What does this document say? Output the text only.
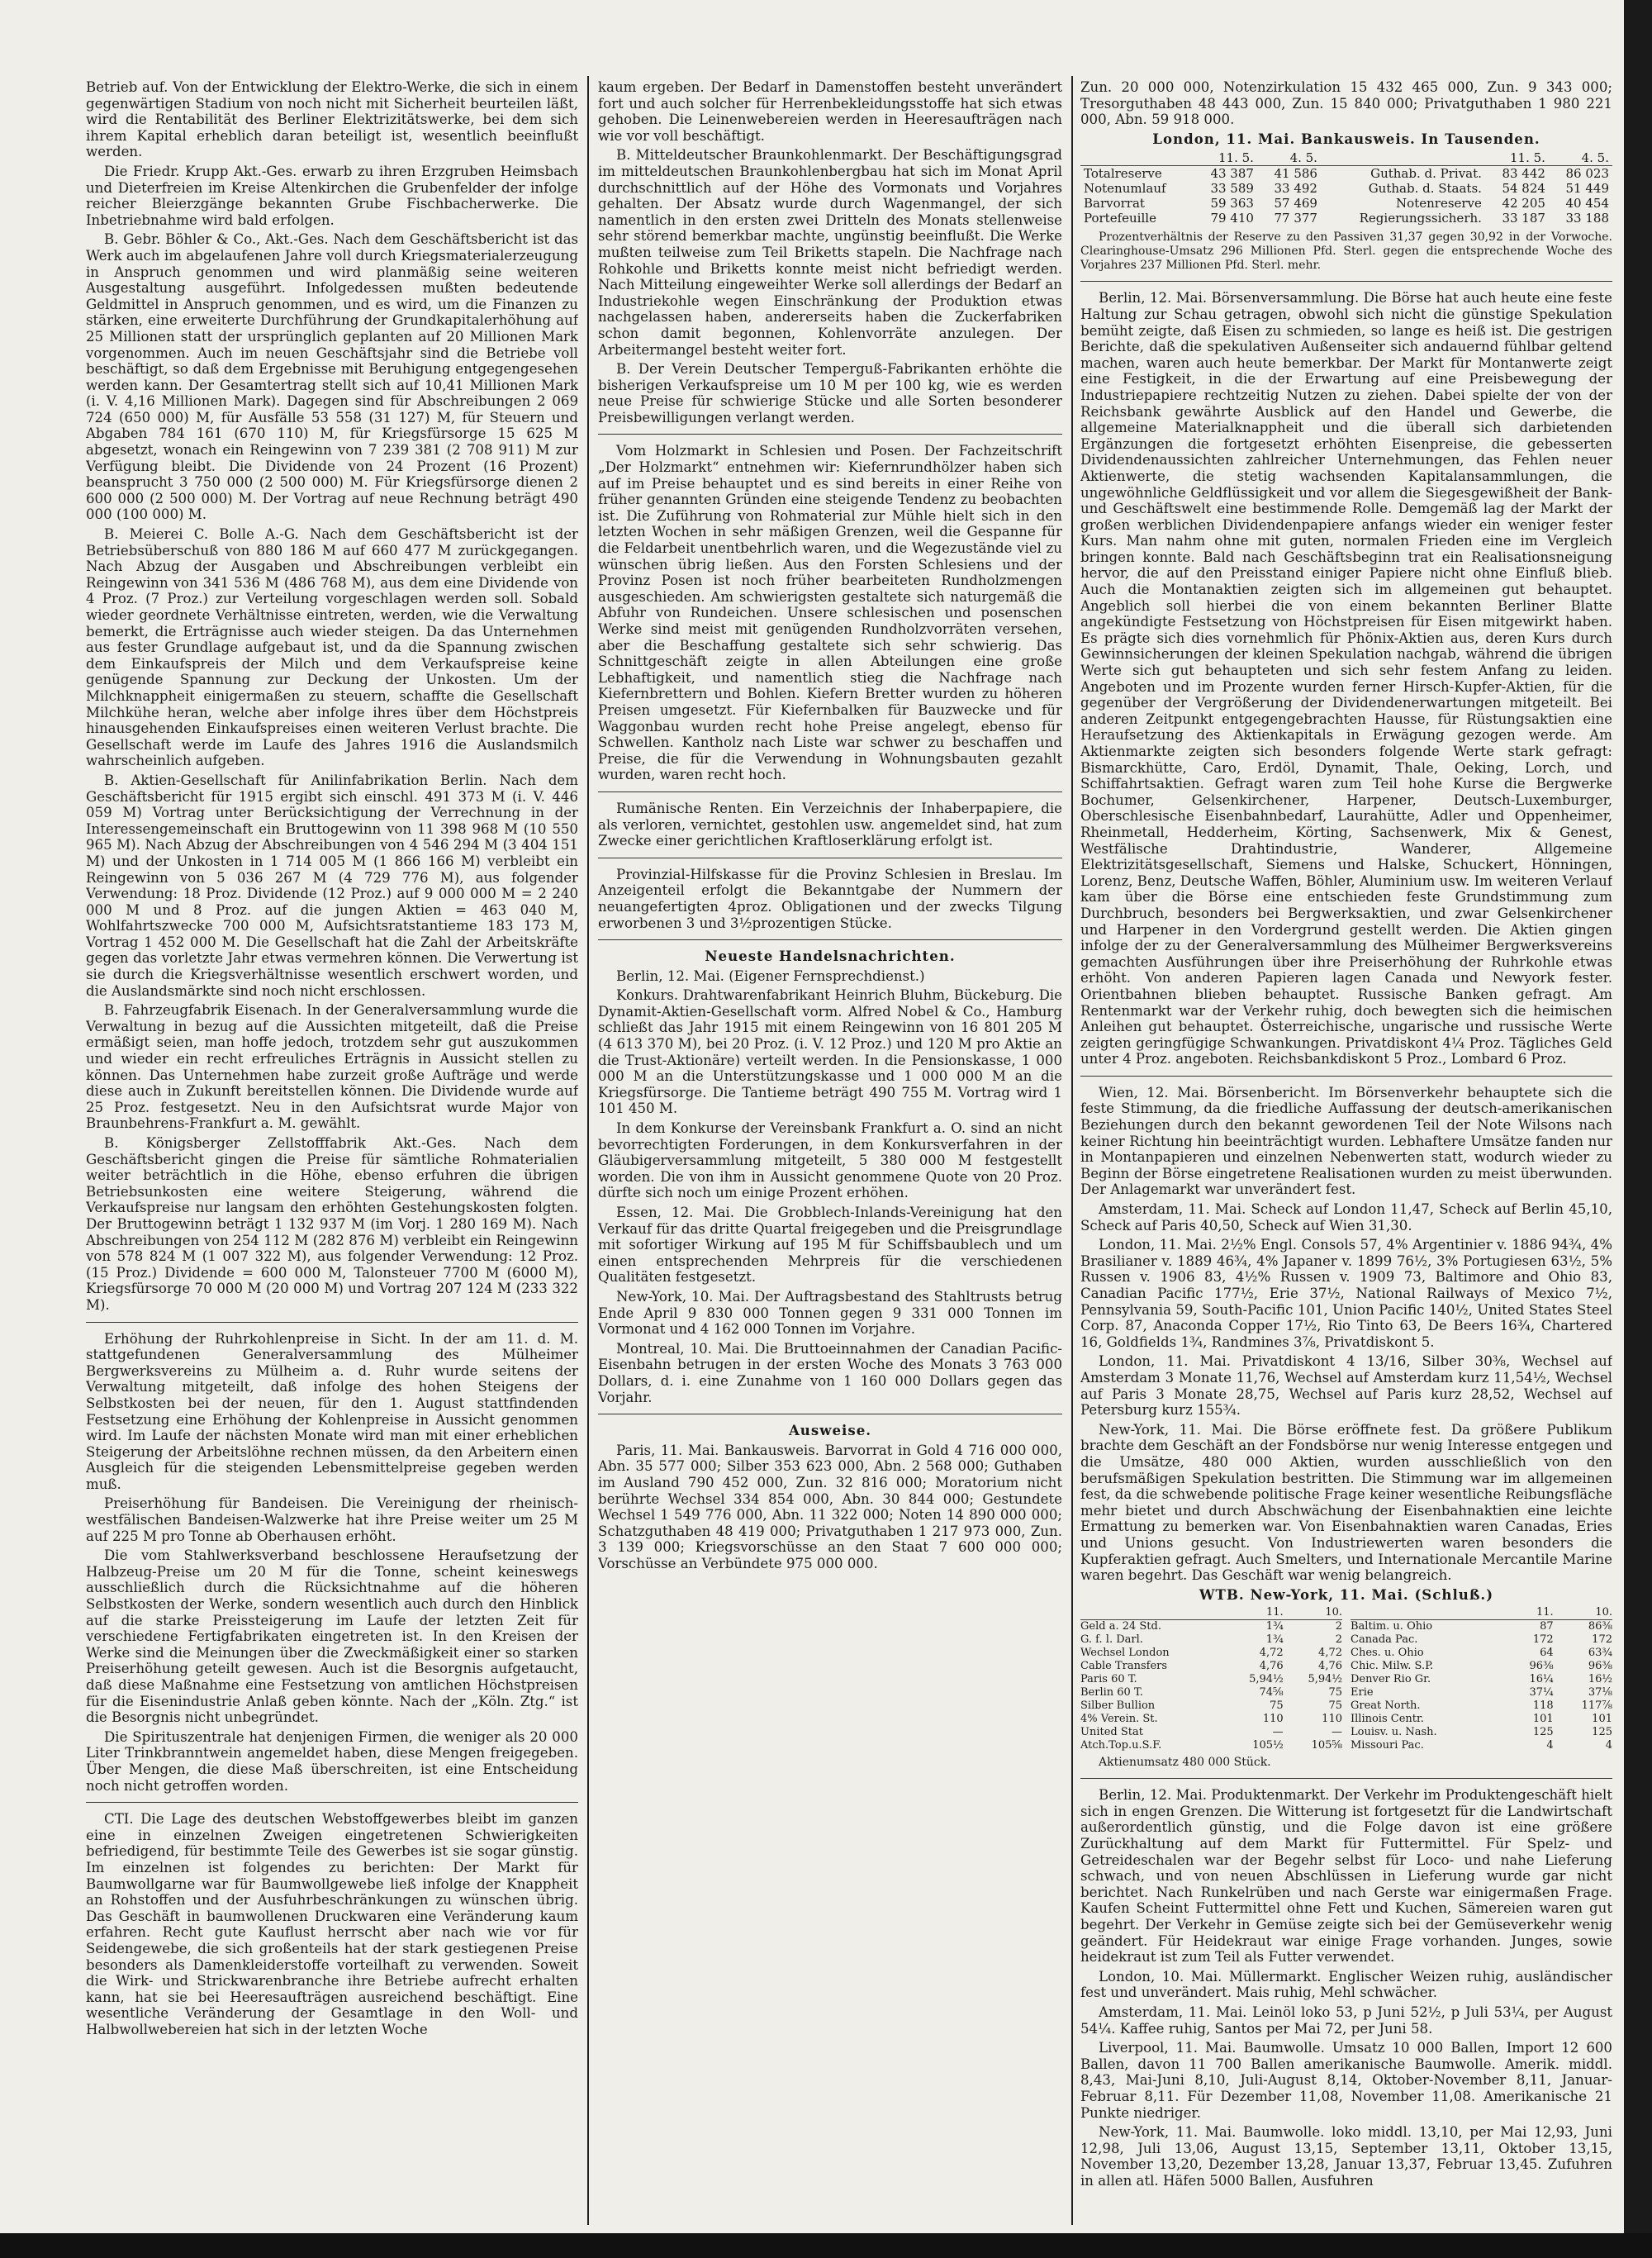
Betrieb auf. Von der Entwicklung der Elektro-Werke, die sich in einem gegenwärtigen Stadium von noch nicht mit Sicherheit beurteilen läßt, wird die Rentabilität des Berliner Elektrizitätswerke, bei dem sich ihrem Kapital erheblich daran beteiligt ist, wesentlich beeinflußt werden.

Die Friedr. Krupp Akt.-Ges. erwarb zu ihren Erzgruben Heimsbach und Dieterfreien im Kreise Altenkirchen die Grubenfelder der infolge reicher Bleierzgänge bekannten Grube Fischbacherwerke. Die Inbetriebnahme wird bald erfolgen.

B. Gebr. Böhler & Co., Akt.-Ges. Nach dem Geschäftsbericht ist das Werk auch im abgelaufenen Jahre voll durch Kriegsmaterialerzeugung in Anspruch genommen und wird planmäßig seine weiteren Ausgestaltung ausgeführt. Infolgedessen mußten bedeutende Geldmittel in Anspruch genommen, und es wird, um die Finanzen zu stärken, eine erweiterte Durchführung der Grundkapitalerhöhung auf 25 Millionen statt der ursprünglich geplanten auf 20 Millionen Mark vorgenommen. Auch im neuen Geschäftsjahr sind die Betriebe voll beschäftigt, so daß dem Ergebnisse mit Beruhigung entgegengesehen werden kann. Der Gesamtertrag stellt sich auf 10,41 Millionen Mark (i. V. 4,16 Millionen Mark). Dagegen sind für Abschreibungen 2 069 724 (650 000) M, für Ausfälle 53 558 (31 127) M, für Steuern und Abgaben 784 161 (670 110) M, für Kriegsfürsorge 15 625 M abgesetzt, wonach ein Reingewinn von 7 239 381 (2 708 911) M zur Verfügung bleibt. Die Dividende von 24 Prozent (16 Prozent) beansprucht 3 750 000 (2 500 000) M. Für Kriegsfürsorge dienen 2 600 000 (2 500 000) M. Der Vortrag auf neue Rechnung beträgt 490 000 (100 000) M.

B. Meierei C. Bolle A.-G. Nach dem Geschäftsbericht ist der Betriebsüberschuß von 880 186 M auf 660 477 M zurückgegangen. Nach Abzug der Ausgaben und Abschreibungen verbleibt ein Reingewinn von 341 536 M (486 768 M), aus dem eine Dividende von 4 Proz. (7 Proz.) zur Verteilung vorgeschlagen werden soll. Sobald wieder geordnete Verhältnisse eintreten, werden, wie die Verwaltung bemerkt, die Erträgnisse auch wieder steigen. Da das Unternehmen aus fester Grundlage aufgebaut ist, und da die Spannung zwischen dem Einkaufspreis der Milch und dem Verkaufspreise keine genügende Spannung zur Deckung der Unkosten. Um der Milchknappheit einigermaßen zu steuern, schaffte die Gesellschaft Milchkühe heran, welche aber infolge ihres über dem Höchstpreis hinausgehenden Einkaufspreises einen weiteren Verlust brachte. Die Gesellschaft werde im Laufe des Jahres 1916 die Auslandsmilch wahrscheinlich aufgeben.

B. Aktien-Gesellschaft für Anilinfabrikation Berlin. Nach dem Geschäftsbericht für 1915 ergibt sich einschl. 491 373 M (i. V. 446 059 M) Vortrag unter Berücksichtigung der Verrechnung in der Interessengemeinschaft ein Bruttogewinn von 11 398 968 M (10 550 965 M). Nach Abzug der Abschreibungen von 4 546 294 M (3 404 151 M) und der Unkosten in 1 714 005 M (1 866 166 M) verbleibt ein Reingewinn von 5 036 267 M (4 729 776 M), aus folgender Verwendung: 18 Proz. Dividende (12 Proz.) auf 9 000 000 M = 2 240 000 M und 8 Proz. auf die jungen Aktien = 463 040 M, Wohlfahrtszwecke 700 000 M, Aufsichtsratstantieme 183 173 M, Vortrag 1 452 000 M. Die Gesellschaft hat die Zahl der Arbeitskräfte gegen das vorletzte Jahr etwas vermehren können. Die Verwertung ist sie durch die Kriegsverhältnisse wesentlich erschwert worden, und die Auslandsmärkte sind noch nicht erschlossen.

B. Fahrzeugfabrik Eisenach. In der Generalversammlung wurde die Verwaltung in bezug auf die Aussichten mitgeteilt, daß die Preise ermäßigt seien, man hoffe jedoch, trotzdem sehr gut auszukommen und wieder ein recht erfreuliches Erträgnis in Aussicht stellen zu können. Das Unternehmen habe zurzeit große Aufträge und werde diese auch in Zukunft bereitstellen können. Die Dividende wurde auf 25 Proz. festgesetzt. Neu in den Aufsichtsrat wurde Major von Braunbehrens-Frankfurt a. M. gewählt.

B. Königsberger Zellstofffabrik Akt.-Ges. Nach dem Geschäftsbericht gingen die Preise für sämtliche Rohmaterialien weiter beträchtlich in die Höhe, ebenso erfuhren die übrigen Betriebsunkosten eine weitere Steigerung, während die Verkaufspreise nur langsam den erhöhten Gestehungskosten folgten. Der Bruttogewinn beträgt 1 132 937 M (im Vorj. 1 280 169 M). Nach Abschreibungen von 254 112 M (282 876 M) verbleibt ein Reingewinn von 578 824 M (1 007 322 M), aus folgender Verwendung: 12 Proz. (15 Proz.) Dividende = 600 000 M, Talonsteuer 7700 M (6000 M), Kriegsfürsorge 70 000 M (20 000 M) und Vortrag 207 124 M (233 322 M).

Erhöhung der Ruhrkohlenpreise in Sicht. In der am 11. d. M. stattgefundenen Generalversammlung des Mülheimer Bergwerksvereins zu Mülheim a. d. Ruhr wurde seitens der Verwaltung mitgeteilt, daß infolge des hohen Steigens der Selbstkosten bei der neuen, für den 1. August stattfindenden Festsetzung eine Erhöhung der Kohlenpreise in Aussicht genommen wird. Im Laufe der nächsten Monate wird man mit einer erheblichen Steigerung der Arbeitslöhne rechnen müssen, da den Arbeitern einen Ausgleich für die steigenden Lebensmittelpreise gegeben werden muß.

Preiserhöhung für Bandeisen. Die Vereinigung der rheinisch-westfälischen Bandeisen-Walzwerke hat ihre Preise weiter um 25 M auf 225 M pro Tonne ab Oberhausen erhöht.

Die vom Stahlwerksverband beschlossene Heraufsetzung der Halbzeug-Preise um 20 M für die Tonne, scheint keineswegs ausschließlich durch die Rücksichtnahme auf die höheren Selbstkosten der Werke, sondern wesentlich auch durch den Hinblick auf die starke Preissteigerung im Laufe der letzten Zeit für verschiedene Fertigfabrikaten eingetreten ist. In den Kreisen der Werke sind die Meinungen über die Zweckmäßigkeit einer so starken Preiserhöhung geteilt gewesen. Auch ist die Besorgnis aufgetaucht, daß diese Maßnahme eine Festsetzung von amtlichen Höchstpreisen für die Eisenindustrie Anlaß geben könnte. Nach der „Köln. Ztg.“ ist die Besorgnis nicht unbegründet.

Die Spirituszentrale hat denjenigen Firmen, die weniger als 20 000 Liter Trinkbranntwein angemeldet haben, diese Mengen freigegeben. Über Mengen, die diese Maß überschreiten, ist eine Entscheidung noch nicht getroffen worden.

CTI. Die Lage des deutschen Webstoffgewerbes bleibt im ganzen eine in einzelnen Zweigen eingetretenen Schwierigkeiten befriedigend, für bestimmte Teile des Gewerbes ist sie sogar günstig. Im einzelnen ist folgendes zu berichten: Der Markt für Baumwollgarne war für Baumwollgewebe ließ infolge der Knappheit an Rohstoffen und der Ausfuhrbeschränkungen zu wünschen übrig. Das Geschäft in baumwollenen Druckwaren eine Veränderung kaum erfahren. Recht gute Kauflust herrscht aber nach wie vor für Seidengewebe, die sich großenteils hat der stark gestiegenen Preise besonders als Damenkleiderstoffe vorteilhaft zu verwenden. Soweit die Wirk- und Strickwarenbranche ihre Betriebe aufrecht erhalten kann, hat sie bei Heeresaufträgen ausreichend beschäftigt. Eine wesentliche Veränderung der Gesamtlage in den Woll- und Halbwollwebereien hat sich in der letzten Woche

kaum ergeben. Der Bedarf in Damenstoffen besteht unverändert fort und auch solcher für Herrenbekleidungsstoffe hat sich etwas gehoben. Die Leinenwebereien werden in Heeresaufträgen nach wie vor voll beschäftigt.

B. Mitteldeutscher Braunkohlenmarkt. Der Beschäftigungsgrad im mitteldeutschen Braunkohlenbergbau hat sich im Monat April durchschnittlich auf der Höhe des Vormonats und Vorjahres gehalten. Der Absatz wurde durch Wagenmangel, der sich namentlich in den ersten zwei Dritteln des Monats stellenweise sehr störend bemerkbar machte, ungünstig beeinflußt. Die Werke mußten teilweise zum Teil Briketts stapeln. Die Nachfrage nach Rohkohle und Briketts konnte meist nicht befriedigt werden. Nach Mitteilung eingeweihter Werke soll allerdings der Bedarf an Industriekohle wegen Einschränkung der Produktion etwas nachgelassen haben, andererseits haben die Zuckerfabriken schon damit begonnen, Kohlenvorräte anzulegen. Der Arbeitermangel besteht weiter fort.

B. Der Verein Deutscher Temperguß-Fabrikanten erhöhte die bisherigen Verkaufspreise um 10 M per 100 kg, wie es werden neue Preise für schwierige Stücke und alle Sorten besonderer Preisbewilligungen verlangt werden.

Vom Holzmarkt in Schlesien und Posen. Der Fachzeitschrift „Der Holzmarkt“ entnehmen wir: Kiefernrundhölzer haben sich auf im Preise behauptet und es sind bereits in einer Reihe von früher genannten Gründen eine steigende Tendenz zu beobachten ist. Die Zuführung von Rohmaterial zur Mühle hielt sich in den letzten Wochen in sehr mäßigen Grenzen, weil die Gespanne für die Feldarbeit unentbehrlich waren, und die Wegezustände viel zu wünschen übrig ließen. Aus den Forsten Schlesiens und der Provinz Posen ist noch früher bearbeiteten Rundholzmengen ausgeschieden. Am schwierigsten gestaltete sich naturgemäß die Abfuhr von Rundeichen. Unsere schlesischen und posenschen Werke sind meist mit genügenden Rundholzvorräten versehen, aber die Beschaffung gestaltete sich sehr schwierig. Das Schnittgeschäft zeigte in allen Abteilungen eine große Lebhaftigkeit, und namentlich stieg die Nachfrage nach Kiefernbrettern und Bohlen. Kiefern Bretter wurden zu höheren Preisen umgesetzt. Für Kiefernbalken für Bauzwecke und für Waggonbau wurden recht hohe Preise angelegt, ebenso für Schwellen. Kantholz nach Liste war schwer zu beschaffen und Preise, die für die Verwendung in Wohnungsbauten gezahlt wurden, waren recht hoch.

Rumänische Renten. Ein Verzeichnis der Inhaberpapiere, die als verloren, vernichtet, gestohlen usw. angemeldet sind, hat zum Zwecke einer gerichtlichen Kraftloserklärung erfolgt ist.

Provinzial-Hilfskasse für die Provinz Schlesien in Breslau. Im Anzeigenteil erfolgt die Bekanntgabe der Nummern der neuangefertigten 4proz. Obligationen und der zwecks Tilgung erworbenen 3 und 3½prozentigen Stücke.

Neueste Handelsnachrichten.

Berlin, 12. Mai. (Eigener Fernsprechdienst.)

Konkurs. Drahtwarenfabrikant Heinrich Bluhm, Bückeburg. Die Dynamit-Aktien-Gesellschaft vorm. Alfred Nobel & Co., Hamburg schließt das Jahr 1915 mit einem Reingewinn von 16 801 205 M (4 613 370 M), bei 20 Proz. (i. V. 12 Proz.) und 120 M pro Aktie an die Trust-Aktionäre) verteilt werden. In die Pensionskasse, 1 000 000 M an die Unterstützungskasse und 1 000 000 M an die Kriegsfürsorge. Die Tantieme beträgt 490 755 M. Vortrag wird 1 101 450 M.

In dem Konkurse der Vereinsbank Frankfurt a. O. sind an nicht bevorrechtigten Forderungen, in dem Konkursverfahren in der Gläubigerversammlung mitgeteilt, 5 380 000 M festgestellt worden. Die von ihm in Aussicht genommene Quote von 20 Proz. dürfte sich noch um einige Prozent erhöhen.

Essen, 12. Mai. Die Grobblech-Inlands-Vereinigung hat den Verkauf für das dritte Quartal freigegeben und die Preisgrundlage mit sofortiger Wirkung auf 195 M für Schiffsbaublech und um einen entsprechenden Mehrpreis für die verschiedenen Qualitäten festgesetzt.

New-York, 10. Mai. Der Auftragsbestand des Stahltrusts betrug Ende April 9 830 000 Tonnen gegen 9 331 000 Tonnen im Vormonat und 4 162 000 Tonnen im Vorjahre.

Montreal, 10. Mai. Die Bruttoeinnahmen der Canadian Pacific-Eisenbahn betrugen in der ersten Woche des Monats 3 763 000 Dollars, d. i. eine Zunahme von 1 160 000 Dollars gegen das Vorjahr.

Ausweise.

Paris, 11. Mai. Bankausweis. Barvorrat in Gold 4 716 000 000, Abn. 35 577 000; Silber 353 623 000, Abn. 2 568 000; Guthaben im Ausland 790 452 000, Zun. 32 816 000; Moratorium nicht berührte Wechsel 334 854 000, Abn. 30 844 000; Gestundete Wechsel 1 549 776 000, Abn. 11 322 000; Noten 14 890 000 000; Schatzguthaben 48 419 000; Privatguthaben 1 217 973 000, Zun. 3 139 000; Kriegsvorschüsse an den Staat 7 600 000 000; Vorschüsse an Verbündete 975 000 000.

Zun. 20 000 000, Notenzirkulation 15 432 465 000, Zun. 9 343 000; Tresorguthaben 48 443 000, Zun. 15 840 000; Privatguthaben 1 980 221 000, Abn. 59 918 000.

London, 11. Mai. Bankausweis. In Tausenden.

	11. 5.	4. 5.		11. 5.	4. 5.
Totalreserve	43 387	41 586	Guthab. d. Privat.	83 442	86 023
Notenumlauf	33 589	33 492	Guthab. d. Staats.	54 824	51 449
Barvorrat	59 363	57 469	Notenreserve	42 205	40 454
Portefeuille	79 410	77 377	Regierungssicherh.	33 187	33 188

Prozentverhältnis der Reserve zu den Passiven 31,37 gegen 30,92 in der Vorwoche. Clearinghouse-Umsatz 296 Millionen Pfd. Sterl. gegen die entsprechende Woche des Vorjahres 237 Millionen Pfd. Sterl. mehr.

Berlin, 12. Mai. Börsenversammlung. Die Börse hat auch heute eine feste Haltung zur Schau getragen, obwohl sich nicht die günstige Spekulation bemüht zeigte, daß Eisen zu schmieden, so lange es heiß ist. Die gestrigen Berichte, daß die spekulativen Außenseiter sich andauernd fühlbar geltend machen, waren auch heute bemerkbar. Der Markt für Montanwerte zeigt eine Festigkeit, in die der Erwartung auf eine Preisbewegung der Industriepapiere rechtzeitig Nutzen zu ziehen. Dabei spielte der von der Reichsbank gewährte Ausblick auf den Handel und Gewerbe, die allgemeine Materialknappheit und die überall sich darbietenden Ergänzungen die fortgesetzt erhöhten Eisenpreise, die gebesserten Dividendenaussichten zahlreicher Unternehmungen, das Fehlen neuer Aktienwerte, die stetig wachsenden Kapitalansammlungen, die ungewöhnliche Geldflüssigkeit und vor allem die Siegesgewißheit der Bank- und Geschäftswelt eine bestimmende Rolle. Demgemäß lag der Markt der großen werblichen Dividendenpapiere anfangs wieder ein weniger fester Kurs. Man nahm ohne mit guten, normalen Frieden eine im Vergleich bringen konnte. Bald nach Geschäftsbeginn trat ein Realisationsneigung hervor, die auf den Preisstand einiger Papiere nicht ohne Einfluß blieb. Auch die Montanaktien zeigten sich im allgemeinen gut behauptet. Angeblich soll hierbei die von einem bekannten Berliner Blatte angekündigte Festsetzung von Höchstpreisen für Eisen mitgewirkt haben. Es prägte sich dies vornehmlich für Phönix-Aktien aus, deren Kurs durch Gewinnsicherungen der kleinen Spekulation nachgab, während die übrigen Werte sich gut behaupteten und sich sehr festem Anfang zu leiden. Angeboten und im Prozente wurden ferner Hirsch-Kupfer-Aktien, für die gegenüber der Vergrößerung der Dividendenerwartungen mitgeteilt. Bei anderen Zeitpunkt entgegengebrachten Hausse, für Rüstungsaktien eine Heraufsetzung des Aktienkapitals in Erwägung gezogen werde. Am Aktienmarkte zeigten sich besonders folgende Werte stark gefragt: Bismarckhütte, Caro, Erdöl, Dynamit, Thale, Oeking, Lorch, und Schiffahrtsaktien. Gefragt waren zum Teil hohe Kurse die Bergwerke Bochumer, Gelsenkirchener, Harpener, Deutsch-Luxemburger, Oberschlesische Eisenbahnbedarf, Laurahütte, Adler und Oppenheimer, Rheinmetall, Hedderheim, Körting, Sachsenwerk, Mix & Genest, Westfälische Drahtindustrie, Wanderer, Allgemeine Elektrizitätsgesellschaft, Siemens und Halske, Schuckert, Hönningen, Lorenz, Benz, Deutsche Waffen, Böhler, Aluminium usw. Im weiteren Verlauf kam über die Börse eine entschieden feste Grundstimmung zum Durchbruch, besonders bei Bergwerksaktien, und zwar Gelsenkirchener und Harpener in den Vordergrund gestellt werden. Die Aktien gingen infolge der zu der Generalversammlung des Mülheimer Bergwerksvereins gemachten Ausführungen über ihre Preiserhöhung der Ruhrkohle etwas erhöht. Von anderen Papieren lagen Canada und Newyork fester. Orientbahnen blieben behauptet. Russische Banken gefragt. Am Rentenmarkt war der Verkehr ruhig, doch bewegten sich die heimischen Anleihen gut behauptet. Österreichische, ungarische und russische Werte zeigten geringfügige Schwankungen. Privatdiskont 4¼ Proz. Tägliches Geld unter 4 Proz. angeboten. Reichsbankdiskont 5 Proz., Lombard 6 Proz.

Wien, 12. Mai. Börsenbericht. Im Börsenverkehr behauptete sich die feste Stimmung, da die friedliche Auffassung der deutsch-amerikanischen Beziehungen durch den bekannt gewordenen Teil der Note Wilsons nach keiner Richtung hin beeinträchtigt wurden. Lebhaftere Umsätze fanden nur in Montanpapieren und einzelnen Nebenwerten statt, wodurch wieder zu Beginn der Börse eingetretene Realisationen wurden zu meist überwunden. Der Anlagemarkt war unverändert fest.

Amsterdam, 11. Mai. Scheck auf London 11,47, Scheck auf Berlin 45,10, Scheck auf Paris 40,50, Scheck auf Wien 31,30.

London, 11. Mai. 2½% Engl. Consols 57, 4% Argentinier v. 1886 94¾, 4% Brasilianer v. 1889 46¾, 4% Japaner v. 1899 76½, 3% Portugiesen 63½, 5% Russen v. 1906 83, 4½% Russen v. 1909 73, Baltimore and Ohio 83, Canadian Pacific 177½, Erie 37½, National Railways of Mexico 7½, Pennsylvania 59, South-Pacific 101, Union Pacific 140½, United States Steel Corp. 87, Anaconda Copper 17½, Rio Tinto 63, De Beers 16¾, Chartered 16, Goldfields 1¾, Randmines 3⅞, Privatdiskont 5.

London, 11. Mai. Privatdiskont 4 13/16, Silber 30⅜, Wechsel auf Amsterdam 3 Monate 11,76, Wechsel auf Amsterdam kurz 11,54½, Wechsel auf Paris 3 Monate 28,75, Wechsel auf Paris kurz 28,52, Wechsel auf Petersburg kurz 155¾.

New-York, 11. Mai. Die Börse eröffnete fest. Da größere Publikum brachte dem Geschäft an der Fondsbörse nur wenig Interesse entgegen und die Umsätze, 480 000 Aktien, wurden ausschließlich von den berufsmäßigen Spekulation bestritten. Die Stimmung war im allgemeinen fest, da die schwebende politische Frage keiner wesentliche Reibungsfläche mehr bietet und durch Abschwächung der Eisenbahnaktien eine leichte Ermattung zu bemerken war. Von Eisenbahnaktien waren Canadas, Eries und Unions gesucht. Von Industriewerten waren besonders die Kupferaktien gefragt. Auch Smelters, und Internationale Mercantile Marine waren begehrt. Das Geschäft war wenig belangreich.

WTB. New-York, 11. Mai. (Schluß.)

11.	10.
Geld a. 24 Std.	1¾	2
G. f. l. Darl.	1¾	2
Wechsel London	4,72	4,72
Cable Transfers	4,76	4,76
Paris 60 T.	5,94½	5,94½
Berlin 60 T.	74⅝	75
Silber Bullion	75	75
4% Verein. St.	110	110
United Stat	—	—
Atch.Top.u.S.F.	105½	105⅝
11.	10.
Baltim. u. Ohio	87	86⅜
Canada Pac.	172	172
Ches. u. Ohio	64	63¾
Chic. Milw. S.P.	96⅜	96⅜
Denver Rio Gr.	16¼	16½
Erie	37¼	37⅛
Great North.	118	117⅞
Illinois Centr.	101	101
Louisv. u. Nash.	125	125
Missouri Pac.	4	4

Aktienumsatz 480 000 Stück.

Berlin, 12. Mai. Produktenmarkt. Der Verkehr im Produktengeschäft hielt sich in engen Grenzen. Die Witterung ist fortgesetzt für die Landwirtschaft außerordentlich günstig, und die Folge davon ist eine größere Zurückhaltung auf dem Markt für Futtermittel. Für Spelz- und Getreideschalen war der Begehr selbst für Loco- und nahe Lieferung schwach, und von neuen Abschlüssen in Lieferung wurde gar nicht berichtet. Nach Runkelrüben und nach Gerste war einigermaßen Frage. Kaufen Scheint Futtermittel ohne Fett und Kuchen, Sämereien waren gut begehrt. Der Verkehr in Gemüse zeigte sich bei der Gemüseverkehr wenig geändert. Für Heidekraut war einige Frage vorhanden. Junges, sowie heidekraut ist zum Teil als Futter verwendet.

London, 10. Mai. Müllermarkt. Englischer Weizen ruhig, ausländischer fest und unverändert. Mais ruhig, Mehl schwächer.

Amsterdam, 11. Mai. Leinöl loko 53, p Juni 52½, p Juli 53¼, per August 54¼. Kaffee ruhig, Santos per Mai 72, per Juni 58.

Liverpool, 11. Mai. Baumwolle. Umsatz 10 000 Ballen, Import 12 600 Ballen, davon 11 700 Ballen amerikanische Baumwolle. Amerik. middl. 8,43, Mai-Juni 8,10, Juli-August 8,14, Oktober-November 8,11, Januar-Februar 8,11. Für Dezember 11,08, November 11,08. Amerikanische 21 Punkte niedriger.

New-York, 11. Mai. Baumwolle. loko middl. 13,10, per Mai 12,93, Juni 12,98, Juli 13,06, August 13,15, September 13,11, Oktober 13,15, November 13,20, Dezember 13,28, Januar 13,37, Februar 13,45. Zufuhren in allen atl. Häfen 5000 Ballen, Ausfuhren
